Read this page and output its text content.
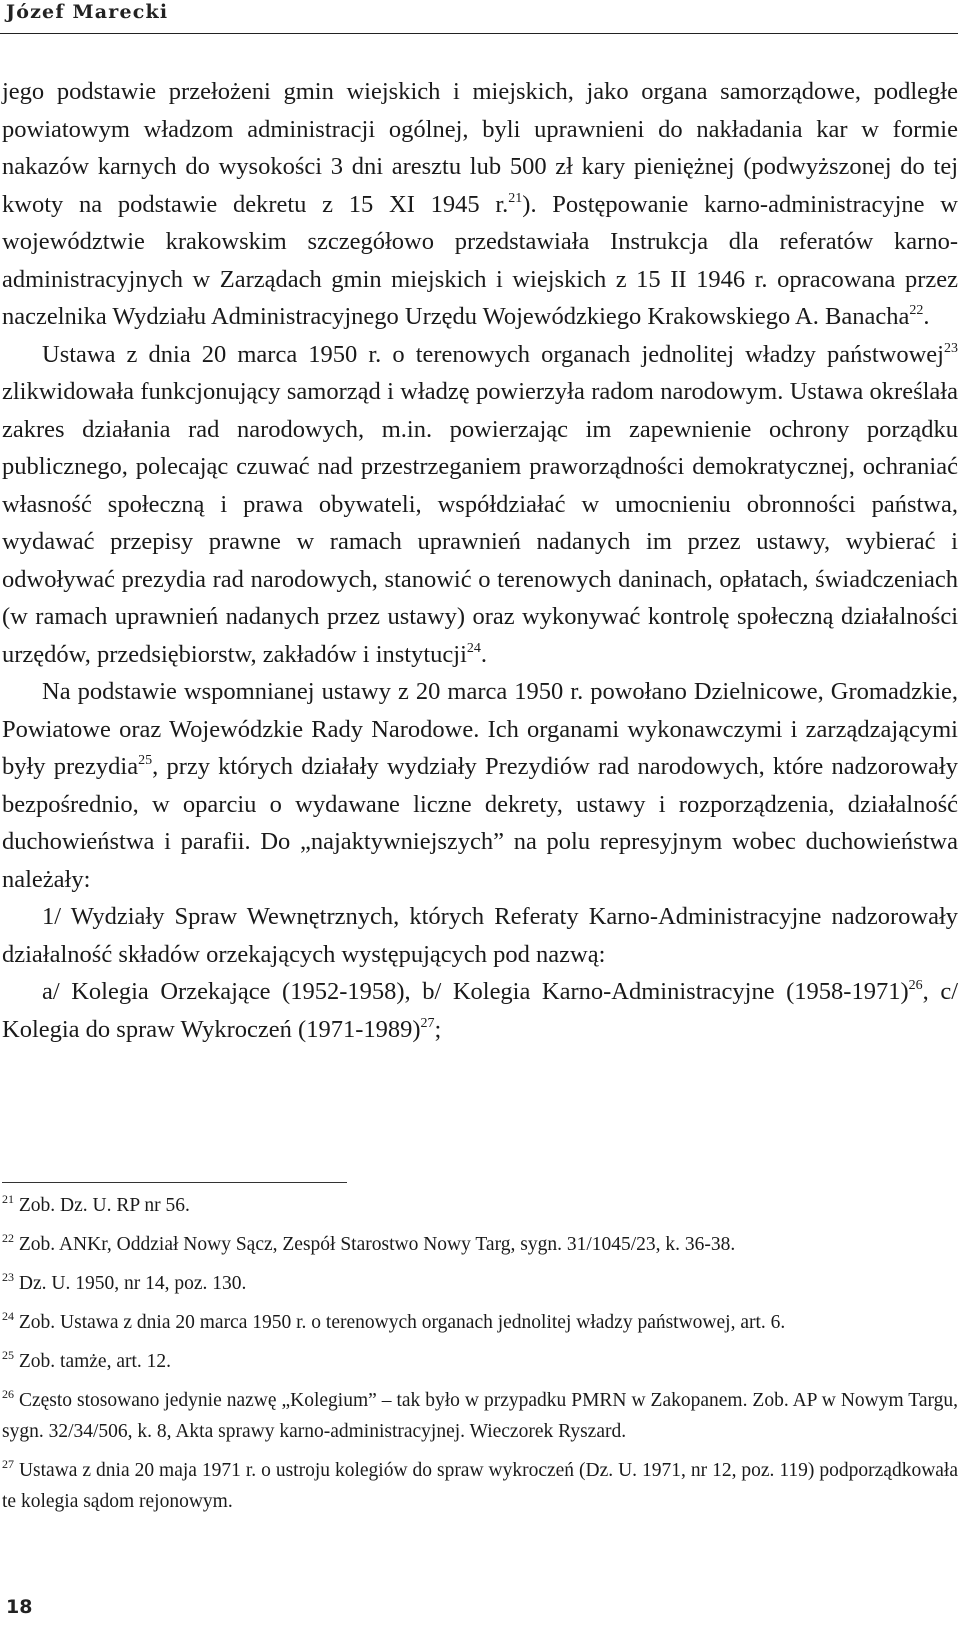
Józef Marecki

jego podstawie przełożeni gmin wiejskich i miejskich, jako organa samorządowe, podległe powiatowym władzom administracji ogólnej, byli uprawnieni do nakładania kar w formie nakazów karnych do wysokości 3 dni aresztu lub 500 zł kary pieniężnej (podwyższonej do tej kwoty na podstawie dekretu z 15 XI 1945 r.$^{21}$). Postępowanie karno-administracyjne w województwie krakowskim szczegółowo przedstawiała Instrukcja dla referatów karno-administracyjnych w Zarządach gmin miejskich i wiejskich z 15 II 1946 r. opracowana przez naczelnika Wydziału Administracyjnego Urzędu Wojewódzkiego Krakowskiego A. Banacha$^{22}$.

Ustawa z dnia 20 marca 1950 r. o terenowych organach jednolitej władzy państwowej$^{23}$ zlikwidowała funkcjonujący samorząd i władzę powierzyła radom narodowym. Ustawa określała zakres działania rad narodowych, m.in. powierzając im zapewnienie ochrony porządku publicznego, polecając czuwać nad przestrzeganiem praworządności demokratycznej, ochraniać własność społeczną i prawa obywateli, współdziałać w umocnieniu obronności państwa, wydawać przepisy prawne w ramach uprawnień nadanych im przez ustawy, wybierać i odwoływać prezydia rad narodowych, stanowić o terenowych daninach, opłatach, świadczeniach (w ramach uprawnień nadanych przez ustawy) oraz wykonywać kontrolę społeczną działalności urzędów, przedsiębiorstw, zakładów i instytucji$^{24}$.

Na podstawie wspomnianej ustawy z 20 marca 1950 r. powołano Dzielnicowe, Gromadzkie, Powiatowe oraz Wojewódzkie Rady Narodowe. Ich organami wykonawczymi i zarządzającymi były prezydia$^{25}$, przy których działały wydziały Prezydiów rad narodowych, które nadzorowały bezpośrednio, w oparciu o wydawane liczne dekrety, ustawy i rozporządzenia, działalność duchowieństwa i parafii. Do „najaktywniejszych” na polu represyjnym wobec duchowieństwa należały:

1/ Wydziały Spraw Wewnętrznych, których Referaty Karno-Administracyjne nadzorowały działalność składów orzekających występujących pod nazwą:

a/ Kolegia Orzekające (1952-1958), b/ Kolegia Karno-Administracyjne (1958-1971)$^{26}$, c/ Kolegia do spraw Wykroczeń (1971-1989)$^{27}$;

$^{21}$ Zob. Dz. U. RP nr 56.

$^{22}$ Zob. ANKr, Oddział Nowy Sącz, Zespół Starostwo Nowy Targ, sygn. 31/1045/23, k. 36-38.

$^{23}$ Dz. U. 1950, nr 14, poz. 130.

$^{24}$ Zob. Ustawa z dnia 20 marca 1950 r. o terenowych organach jednolitej władzy państwowej, art. 6.

$^{25}$ Zob. tamże, art. 12.

$^{26}$ Często stosowano jedynie nazwę „Kolegium” – tak było w przypadku PMRN w Zakopanem. Zob. AP w Nowym Targu, sygn. 32/34/506, k. 8, Akta sprawy karno-administracyjnej. Wieczorek Ryszard.

$^{27}$ Ustawa z dnia 20 maja 1971 r. o ustroju kolegiów do spraw wykroczeń (Dz. U. 1971, nr 12, poz. 119) podporządkowała te kolegia sądom rejonowym.

18
